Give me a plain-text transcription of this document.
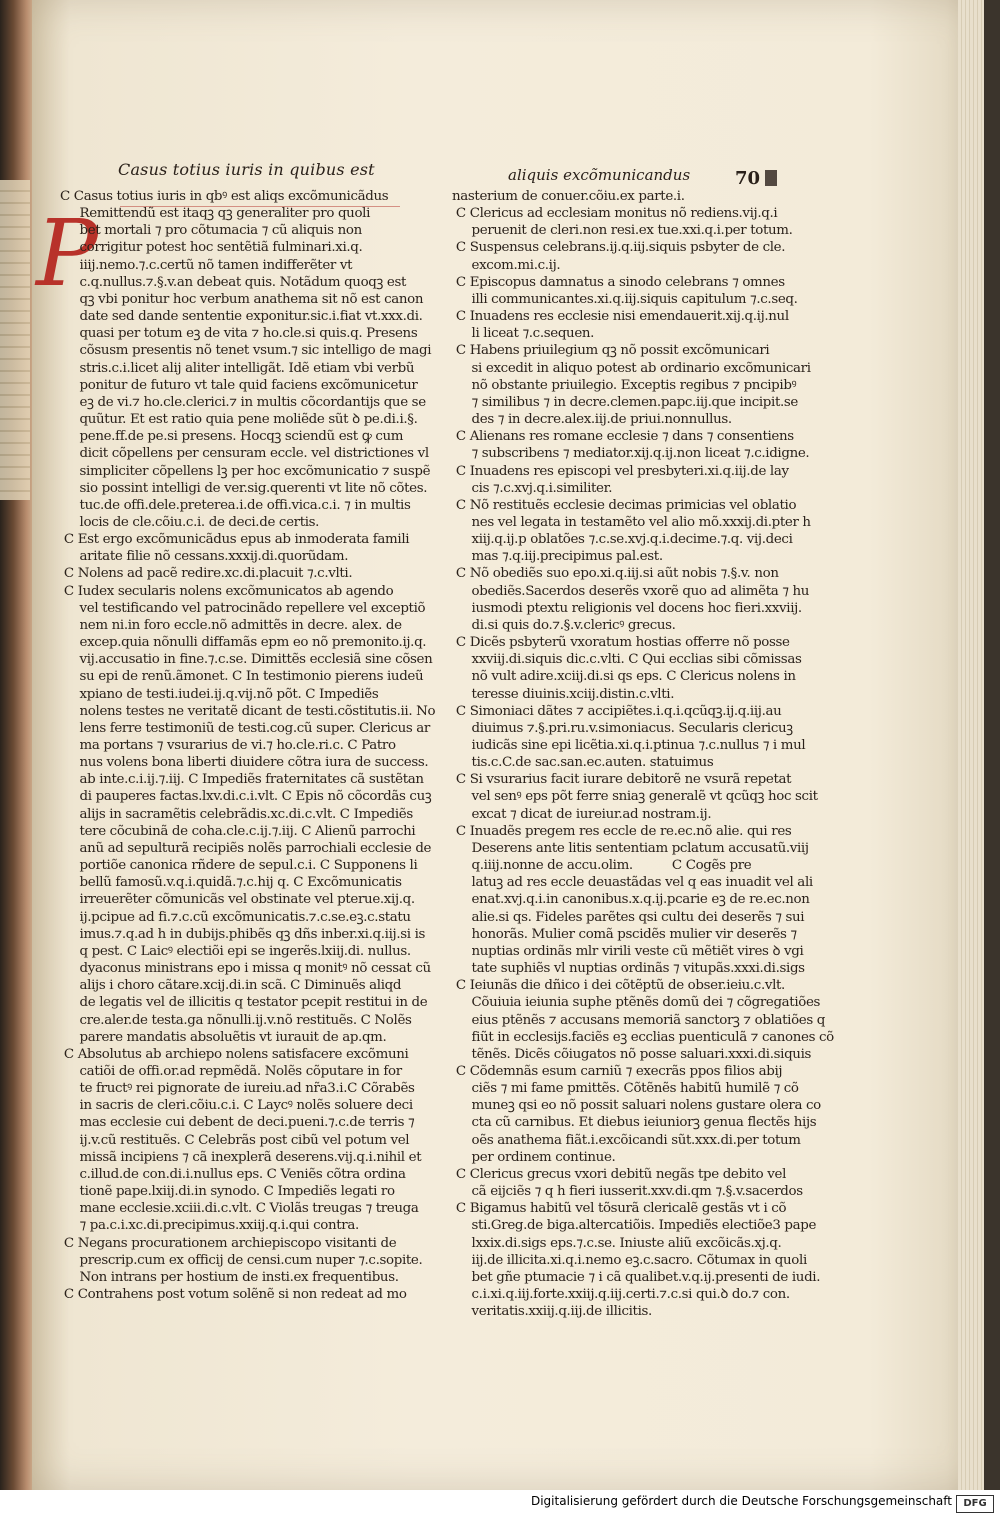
Casus totius iuris in quibus est	aliquis excõmunicandus 70
P
C Casus totius iuris in qbꝰ est aliqs excõmunicãdus
Remittendũ est itaqꝫ qꝫ generaliter pro quoli
bet mortali ⁊ pro cõtumacia ⁊ cũ aliquis non
corrigitur potest hoc sentẽtiã fulminari.xi.q.
iiij.nemo.⁊.c.certũ nõ tamen indifferẽter vt
c.q.nullus.⁊.§.v.an debeat quis. Notãdum quoqꝫ est
qꝫ vbi ponitur hoc verbum anathema sit nõ est canon
date sed dande sententie exponitur.sic.i.fiat vt.xxx.di.
quasi per totum eꝫ de vita ⁊ ho.cle.si quis.q. Presens
cõsusm presentis nõ tenet vsum.⁊ sic intelligo de magi
stris.c.i.licet alij aliter intelligãt. Idẽ etiam vbi verbũ
ponitur de futuro vt tale quid faciens excõmunicetur
eꝫ de vi.⁊ ho.cle.clerici.⁊ in multis cõcordantijs que se
quũtur. Et est ratio quia pene moliẽde sũt ꝺ pe.di.i.§.
pene.ff.de pe.si presens. Hocqꝫ sciendũ est ꝙ cum
dicit cõpellens per censuram eccle. vel districtiones vl
simpliciter cõpellens lꝫ per hoc excõmunicatio ⁊ suspẽ
sio possint intelligi de ver.sig.querenti vt lite nõ cõtes.
tuc.de offi.dele.preterea.i.de offi.vica.c.i. ⁊ in multis
locis de cle.cõiu.c.i. de deci.de certis.
C Est ergo excõmunicãdus epus ab inmoderata famili
aritate filie nõ cessans.xxxij.di.quorũdam.
C Nolens ad pacẽ redire.xc.di.placuit ⁊.c.vlti.
C Iudex secularis nolens excõmunicatos ab agendo
vel testificando vel patrocinãdo repellere vel exceptiõ
nem ni.in foro eccle.nõ admittẽs in decre. alex. de
excep.quia nõnulli diffamãs epm eo nõ premonito.ij.q.
vij.accusatio in fine.⁊.c.se. Dimittẽs ecclesiã sine cõsen
su epi de renũ.ãmonet. C In testimonio pierens iudeũ
xpiano de testi.iudei.ij.q.vij.nõ põt. C Impediẽs
nolens testes ne veritatẽ dicant de testi.cõstitutis.ii. No
lens ferre testimoniũ de testi.cog.cũ super. Clericus ar
ma portans ⁊ vsurarius de vi.⁊ ho.cle.ri.c. C Patro
nus volens bona liberti diuidere cõtra iura de success.
ab inte.c.i.ij.⁊.iij. C Impediẽs fraternitates cã sustẽtan
di pauperes factas.lxv.di.c.i.vlt. C Epis nõ cõcordãs cuꝫ
alijs in sacramẽtis celebrãdis.xc.di.c.vlt. C Impediẽs
tere cõcubinã de coha.cle.c.ij.⁊.iij. C Alienũ parrochi
anũ ad sepulturã recipiẽs nolẽs parrochiali ecclesie de
portiõe canonica rñdere de sepul.c.i. C Supponens li
bellũ famosũ.v.q.i.quidã.⁊.c.hij q. C Excõmunicatis
irreuerẽter cõmunicãs vel obstinate vel pterue.xij.q.
ij.pcipue ad fi.⁊.c.cũ excõmunicatis.⁊.c.se.eꝫ.c.statu
imus.⁊.q.ad h in dubijs.phibẽs qꝫ dñs inber.xi.q.iij.si is
q pest. C Laicꝰ electiõi epi se ingerẽs.lxiij.di. nullus.
dyaconus ministrans epo i missa q monitꝰ nõ cessat cũ
alijs i choro cãtare.xcij.di.in scã. C Diminuẽs aliqd
de legatis vel de illicitis q testator pcepit restitui in de
cre.aler.de testa.ga nõnulli.ij.v.nõ restituẽs. C Nolẽs
parere mandatis absoluẽtis vt iurauit de ap.qm.
C Absolutus ab archiepo nolens satisfacere excõmuni
catiõi de offi.or.ad repmẽdã. Nolẽs cõputare in for
te fructꝰ rei pignorate de iureiu.ad nr̃a3.i.C Cõrabẽs
in sacris de cleri.cõiu.c.i. C Laycꝰ nolẽs soluere deci
mas ecclesie cui debent de deci.pueni.⁊.c.de terris ⁊
ij.v.cũ restituẽs. C Celebrãs post cibũ vel potum vel
missã incipiens ⁊ cã inexplerã deserens.vij.q.i.nihil et
c.illud.de con.di.i.nullus eps. C Veniẽs cõtra ordina
tionẽ pape.lxiij.di.in synodo. C Impediẽs legati ro
mane ecclesie.xciii.di.c.vlt. C Violãs treugas ⁊ treuga
⁊ pa.c.i.xc.di.precipimus.xxiij.q.i.qui contra.
C Negans procurationem archiepiscopo visitanti de
prescrip.cum ex officij de censi.cum nuper ⁊.c.sopite.
Non intrans per hostium de insti.ex frequentibus.
C Contrahens post votum solẽnẽ si non redeat ad mo
nasterium de conuer.cõiu.ex parte.i.
C Clericus ad ecclesiam monitus nõ rediens.vij.q.i
peruenit de cleri.non resi.ex tue.xxi.q.i.per totum.
C Suspensus celebrans.ij.q.iij.siquis psbyter de cle.
excom.mi.c.ij.
C Episcopus damnatus a sinodo celebrans ⁊ omnes
illi communicantes.xi.q.iij.siquis capitulum ⁊.c.seq.
C Inuadens res ecclesie nisi emendauerit.xij.q.ij.nul
li liceat ⁊.c.sequen.
C Habens priuilegium qꝫ nõ possit excõmunicari
si excedit in aliquo potest ab ordinario excõmunicari
nõ obstante priuilegio. Exceptis regibus ⁊ pncipibꝰ
⁊ similibus ⁊ in decre.clemen.papc.iij.que incipit.se
des ⁊ in decre.alex.iij.de priui.nonnullus.
C Alienans res romane ecclesie ⁊ dans ⁊ consentiens
⁊ subscribens ⁊ mediator.xij.q.ij.non liceat ⁊.c.idigne.
C Inuadens res episcopi vel presbyteri.xi.q.iij.de lay
cis ⁊.c.xvj.q.i.similiter.
C Nõ restituẽs ecclesie decimas primicias vel oblatio
nes vel legata in testamẽto vel alio mõ.xxxij.di.pter
xiij.q.ij.p oblatões ⁊.c.se.xvj.q.i.decime.⁊.q. vij.deci
mas ⁊.q.iij.precipimus pal.est.
C Nõ obediẽs suo epo.xi.q.iij.si aũt nobis ⁊.§.v. non
obediẽs.Sacerdos deserẽs vxorẽ quo ad alimẽta ⁊
iusmodi ptextu religionis vel docens hoc fieri.xxviij.
di.si quis do.⁊.§.v.clericꝰ grecus.
C Dicẽs psbyterũ vxoratum hostias offerre nõ posse
xxviij.di.siquis dic.c.vlti. C Qui ecclias sibi cõmissas
nõ vult adire.xciij.di.si qs eps. C Clericus nolens in
teresse diuinis.xciij.distin.c.vlti.
C Simoniaci dãtes ⁊ accipiẽtes.i.q.i.qcũqꝫ.ij.q.iij.au
diuimus ⁊.§.pri.ru.v.simoniacus. Secularis clericuꝫ
iudicãs sine epi licẽtia.xi.q.i.ptinua ⁊.c.nullus ⁊ i
tis.c.C.de sac.san.ec.auten. statuimus
C Si vsurarius facit iurare debitorẽ ne vsurã repetat
vel senꝰ eps põt ferre sniaꝫ generalẽ vt qcũqꝫ hoc
excat ⁊ dicat de iureiur.ad nostram.ij.
C Inuadẽs pregem res eccle de re.ec.nõ alie. qui res
Deserens ante litis sententiam pclatum accusatũ.viij
q.iiij.nonne de accu.olim.          C Cogẽs pre
latuꝫ ad res eccle deuastãdas vel q eas inuadit vel
enat.xvj.q.i.in canonibus.x.q.ij.pcarie eꝫ de re.ec.non
alie.si qs. Fideles parẽtes qsi cultu dei deserẽs ⁊
honorãs. Mulier comã pscidẽs mulier vir deserẽs
nuptias ordinãs mlr virili veste cũ mẽtiẽt vires ꝺ
tate suphiẽs vl nuptias ordinãs ⁊ vitupãs.xxxi.di.sigs
C Ieiunãs die dñico i dei cõtẽptũ de obser.ieiu.c.vlt.
Cõuiuia ieiunia suphe ptẽnẽs domũ dei ⁊ cõgregatiões
eius ptẽnẽs ⁊ accusans memoriã sanctorꝫ ⁊ oblatiões
fiũt in ecclesijs.faciẽs eꝫ ecclias puenticulã ⁊ canones
tẽnẽs. Dicẽs cõiugatos nõ posse saluari.xxxi.di.siquis
C Cõdemnãs esum carniũ ⁊ execrãs ppos filios abij
ciẽs ⁊ mi fame pmittẽs. Cõtẽnẽs habitũ humilẽ ⁊ cõ
muneꝫ qsi eo nõ possit saluari nolens gustare olera
cta cũ carnibus. Et diebus ieiuniorꝫ genua flectẽs
oẽs anathema fiãt.i.excõicandi sũt.xxx.di.per totum
per ordinem continue.
C Clericus grecus vxori debitũ negãs tpe debito vel
cã eijciẽs ⁊ q h fieri iusserit.xxv.di.qm ⁊.§.v.sacerdos
C Bigamus habitũ vel tõsurã clericalẽ gestãs vt i cõ
sti.Greg.de biga.altercatiõis. Impediẽs electiõe3
lxxix.di.sigs eps.⁊.c.se. Iniuste aliũ excõicãs.xj.q.
iij.de illicita.xi.q.i.nemo eꝫ.c.sacro. Cõtumax in quoli
bet gñe ptumacie ⁊ i cã qualibet.v.q.ij.presenti de
c.i.xi.q.iij.forte.xxiij.q.iij.certi.⁊.c.si qui.ꝺ do.⁊ con.
veritatis.xxiij.q.iij.de illicitis.
Digitalisierung gefördert durch die Deutsche Forschungsgemeinschaft	DFG
